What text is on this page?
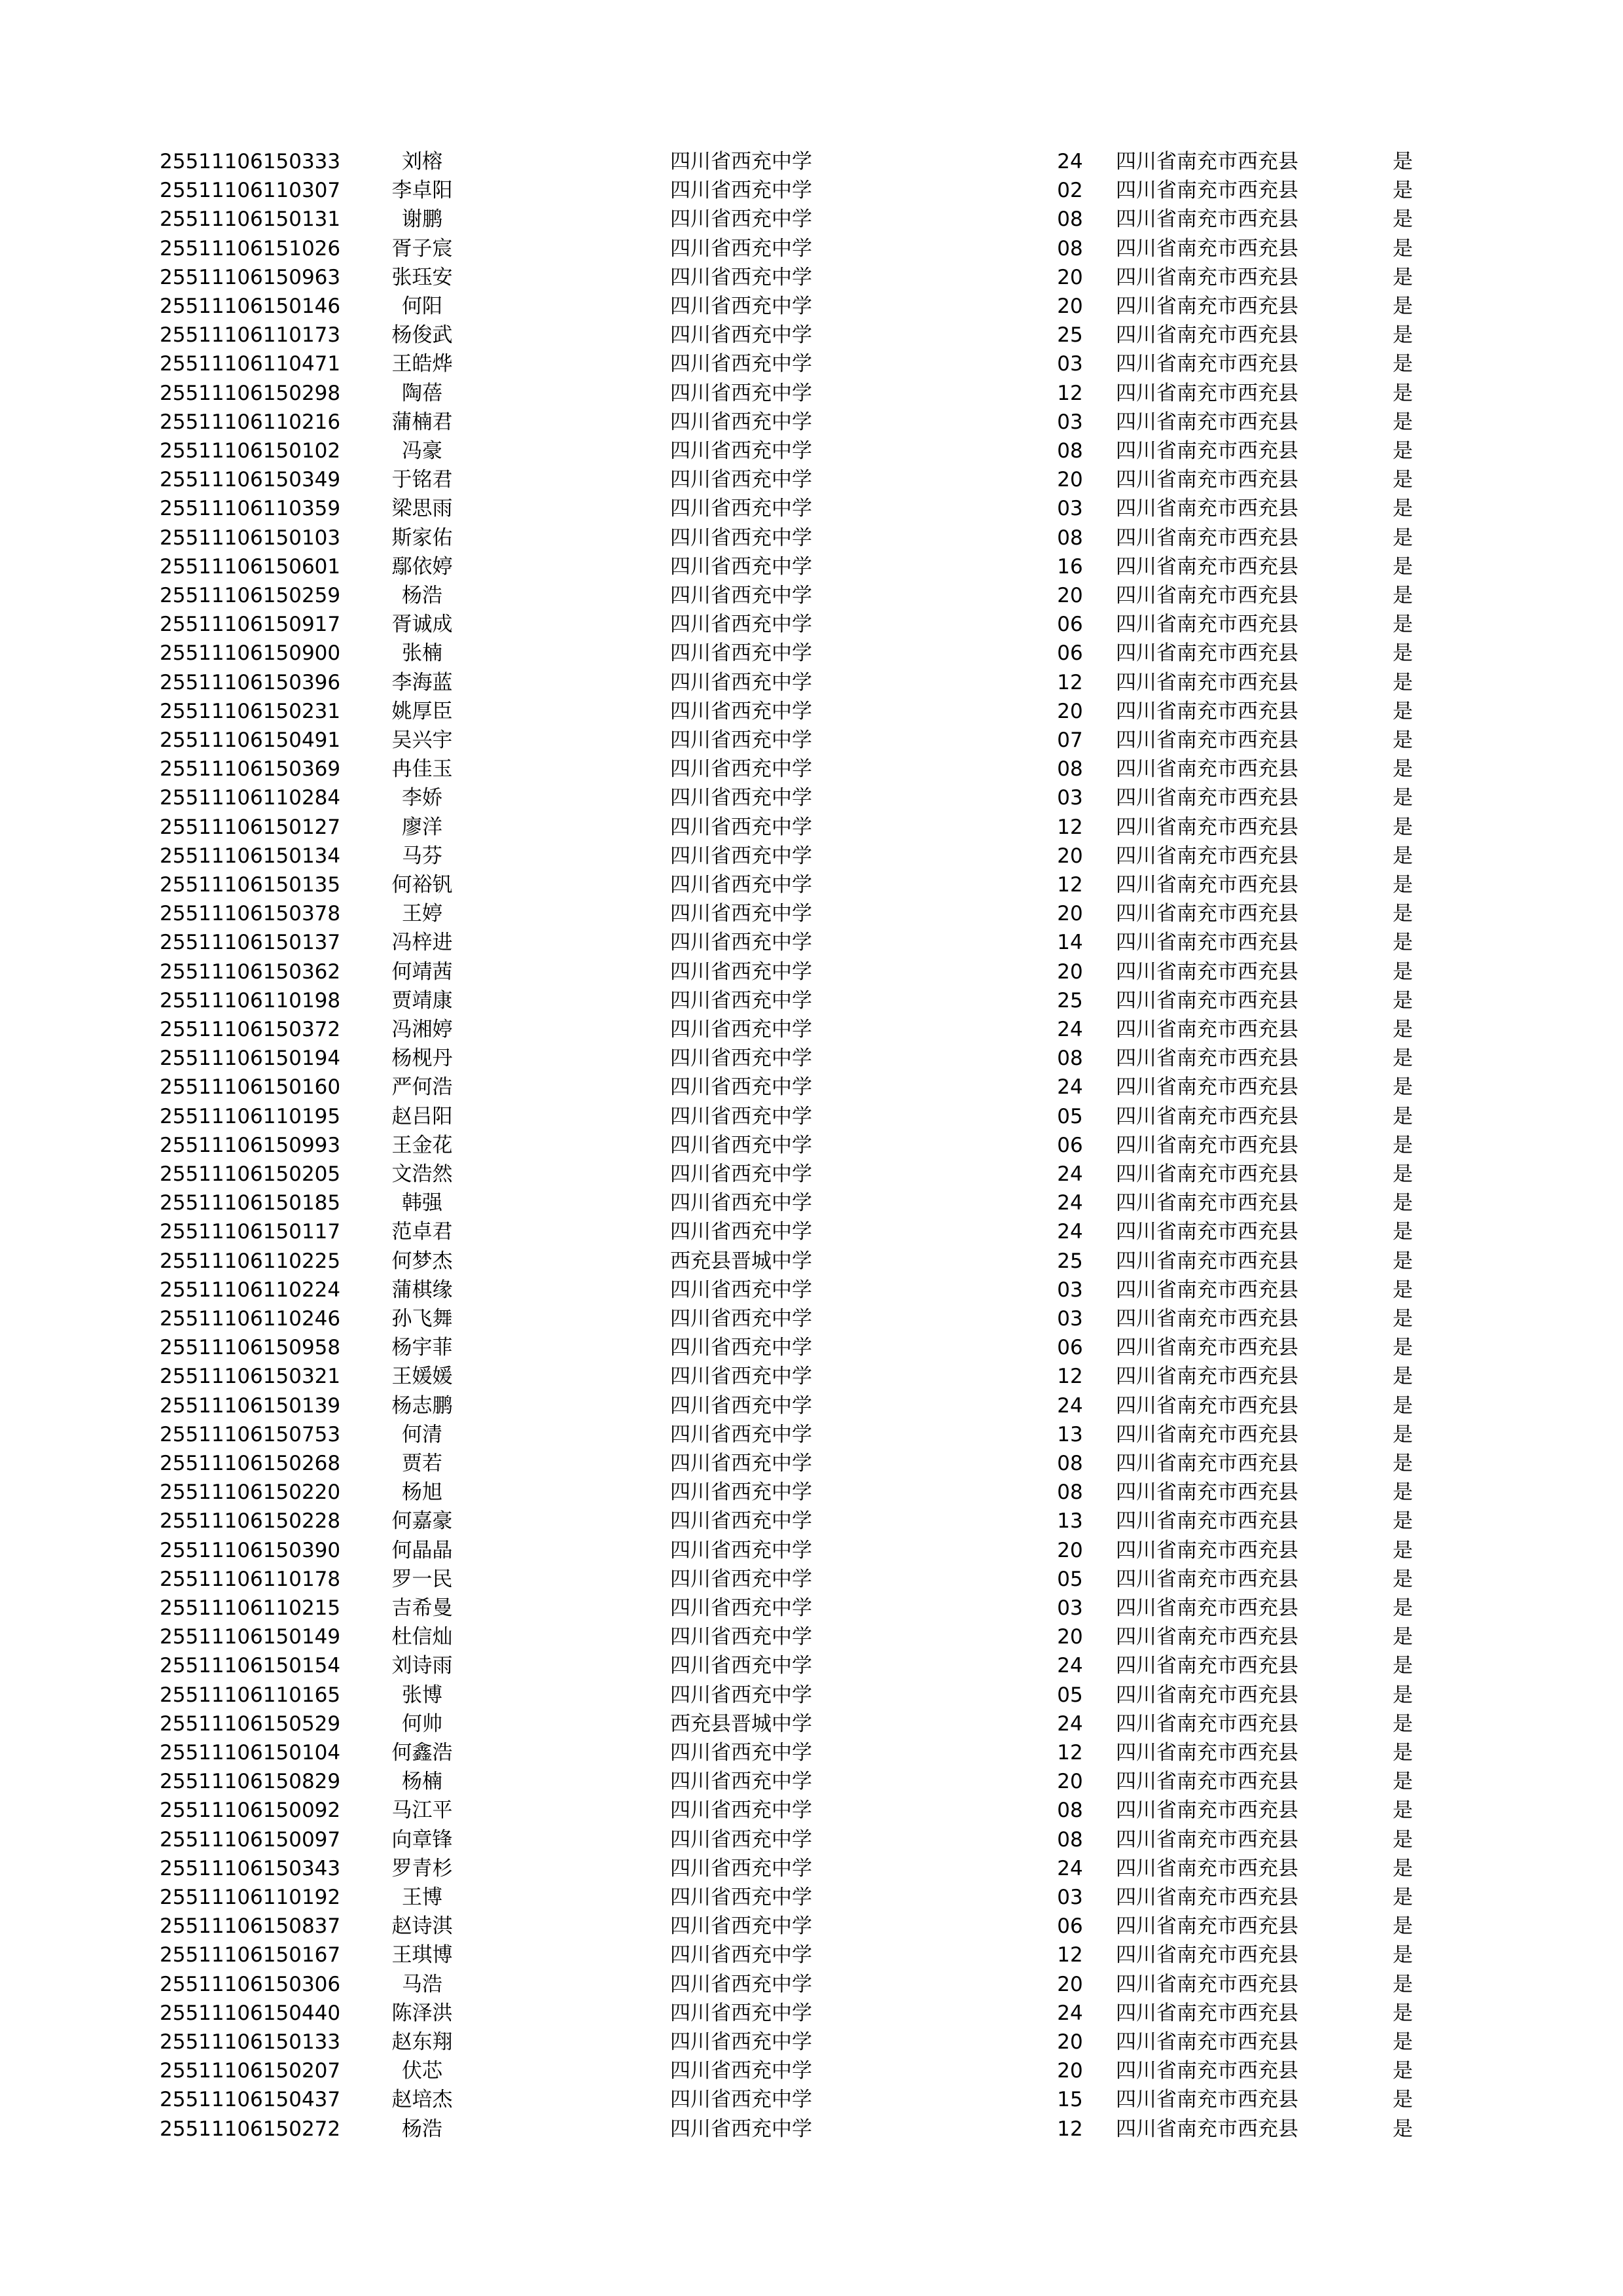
25511106150333	刘榕	四川省西充中学	24	四川省南充市西充县	是
25511106110307	李卓阳	四川省西充中学	02	四川省南充市西充县	是
25511106150131	谢鹏	四川省西充中学	08	四川省南充市西充县	是
25511106151026	胥子宸	四川省西充中学	08	四川省南充市西充县	是
25511106150963	张珏安	四川省西充中学	20	四川省南充市西充县	是
25511106150146	何阳	四川省西充中学	20	四川省南充市西充县	是
25511106110173	杨俊武	四川省西充中学	25	四川省南充市西充县	是
25511106110471	王皓烨	四川省西充中学	03	四川省南充市西充县	是
25511106150298	陶蓓	四川省西充中学	12	四川省南充市西充县	是
25511106110216	蒲楠君	四川省西充中学	03	四川省南充市西充县	是
25511106150102	冯豪	四川省西充中学	08	四川省南充市西充县	是
25511106150349	于铭君	四川省西充中学	20	四川省南充市西充县	是
25511106110359	梁思雨	四川省西充中学	03	四川省南充市西充县	是
25511106150103	斯家佑	四川省西充中学	08	四川省南充市西充县	是
25511106150601	鄢依婷	四川省西充中学	16	四川省南充市西充县	是
25511106150259	杨浩	四川省西充中学	20	四川省南充市西充县	是
25511106150917	胥诚成	四川省西充中学	06	四川省南充市西充县	是
25511106150900	张楠	四川省西充中学	06	四川省南充市西充县	是
25511106150396	李海蓝	四川省西充中学	12	四川省南充市西充县	是
25511106150231	姚厚臣	四川省西充中学	20	四川省南充市西充县	是
25511106150491	吴兴宇	四川省西充中学	07	四川省南充市西充县	是
25511106150369	冉佳玉	四川省西充中学	08	四川省南充市西充县	是
25511106110284	李娇	四川省西充中学	03	四川省南充市西充县	是
25511106150127	廖洋	四川省西充中学	12	四川省南充市西充县	是
25511106150134	马芬	四川省西充中学	20	四川省南充市西充县	是
25511106150135	何裕钒	四川省西充中学	12	四川省南充市西充县	是
25511106150378	王婷	四川省西充中学	20	四川省南充市西充县	是
25511106150137	冯梓进	四川省西充中学	14	四川省南充市西充县	是
25511106150362	何靖茜	四川省西充中学	20	四川省南充市西充县	是
25511106110198	贾靖康	四川省西充中学	25	四川省南充市西充县	是
25511106150372	冯湘婷	四川省西充中学	24	四川省南充市西充县	是
25511106150194	杨枧丹	四川省西充中学	08	四川省南充市西充县	是
25511106150160	严何浩	四川省西充中学	24	四川省南充市西充县	是
25511106110195	赵吕阳	四川省西充中学	05	四川省南充市西充县	是
25511106150993	王金花	四川省西充中学	06	四川省南充市西充县	是
25511106150205	文浩然	四川省西充中学	24	四川省南充市西充县	是
25511106150185	韩强	四川省西充中学	24	四川省南充市西充县	是
25511106150117	范卓君	四川省西充中学	24	四川省南充市西充县	是
25511106110225	何梦杰	西充县晋城中学	25	四川省南充市西充县	是
25511106110224	蒲棋缘	四川省西充中学	03	四川省南充市西充县	是
25511106110246	孙飞舞	四川省西充中学	03	四川省南充市西充县	是
25511106150958	杨宇菲	四川省西充中学	06	四川省南充市西充县	是
25511106150321	王媛媛	四川省西充中学	12	四川省南充市西充县	是
25511106150139	杨志鹏	四川省西充中学	24	四川省南充市西充县	是
25511106150753	何清	四川省西充中学	13	四川省南充市西充县	是
25511106150268	贾若	四川省西充中学	08	四川省南充市西充县	是
25511106150220	杨旭	四川省西充中学	08	四川省南充市西充县	是
25511106150228	何嘉豪	四川省西充中学	13	四川省南充市西充县	是
25511106150390	何晶晶	四川省西充中学	20	四川省南充市西充县	是
25511106110178	罗一民	四川省西充中学	05	四川省南充市西充县	是
25511106110215	吉希曼	四川省西充中学	03	四川省南充市西充县	是
25511106150149	杜信灿	四川省西充中学	20	四川省南充市西充县	是
25511106150154	刘诗雨	四川省西充中学	24	四川省南充市西充县	是
25511106110165	张博	四川省西充中学	05	四川省南充市西充县	是
25511106150529	何帅	西充县晋城中学	24	四川省南充市西充县	是
25511106150104	何鑫浩	四川省西充中学	12	四川省南充市西充县	是
25511106150829	杨楠	四川省西充中学	20	四川省南充市西充县	是
25511106150092	马江平	四川省西充中学	08	四川省南充市西充县	是
25511106150097	向章锋	四川省西充中学	08	四川省南充市西充县	是
25511106150343	罗青杉	四川省西充中学	24	四川省南充市西充县	是
25511106110192	王博	四川省西充中学	03	四川省南充市西充县	是
25511106150837	赵诗淇	四川省西充中学	06	四川省南充市西充县	是
25511106150167	王琪博	四川省西充中学	12	四川省南充市西充县	是
25511106150306	马浩	四川省西充中学	20	四川省南充市西充县	是
25511106150440	陈泽洪	四川省西充中学	24	四川省南充市西充县	是
25511106150133	赵东翔	四川省西充中学	20	四川省南充市西充县	是
25511106150207	伏芯	四川省西充中学	20	四川省南充市西充县	是
25511106150437	赵培杰	四川省西充中学	15	四川省南充市西充县	是
25511106150272	杨浩	四川省西充中学	12	四川省南充市西充县	是
